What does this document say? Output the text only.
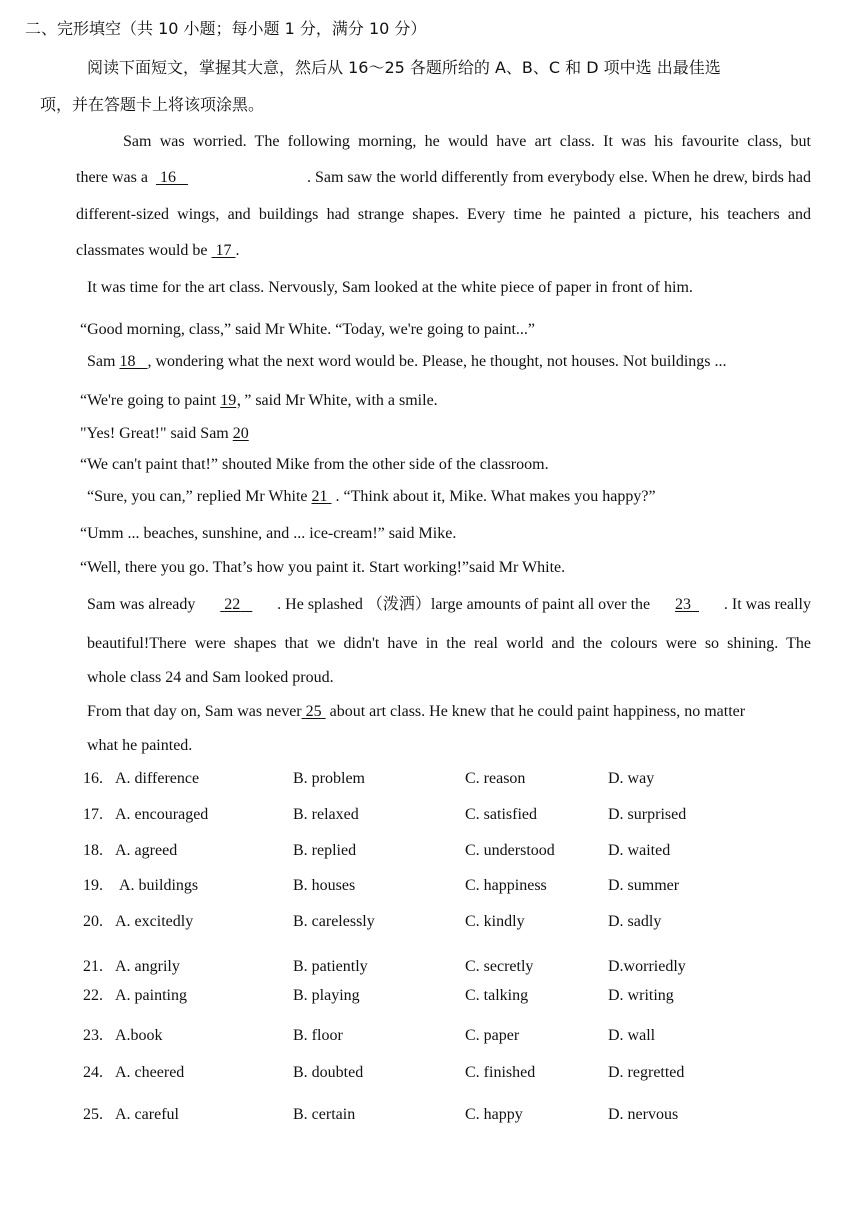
二、完形填空（共 10 小题；每小题 1 分，满分 10 分）
阅读下面短文，掌握其大意，然后从 16～25 各题所给的 A、B、C 和 D 项中选 出最佳选
项，并在答题卡上将该项涂黑。
Sam was worried. The following morning, he would have art class. It was his favourite class, but
there was a 16	. Sam saw the world differently from everybody else. When he drew, birds had
different-sized wings, and buildings had strange shapes. Every time he painted a picture, his teachers and
classmates would be 17 .
It was time for the art class. Nervously, Sam looked at the white piece of paper in front of him.
“Good morning, class,” said Mr White. “Today, we're going to paint...”
Sam 18 , wondering what the next word would be. Please, he thought, not houses. Not buildings ...
“We're going to paint 19，” said Mr White, with a smile.
"Yes! Great!" said Sam 20
“We can't paint that!” shouted Mike from the other side of the classroom.
“Sure, you can,” replied Mr White 21 . “Think about it, Mike. What makes you happy?”
“Umm ... beaches, sunshine, and ... ice-cream!” said Mike.
“Well, there you go. That’s how you paint it. Start working!”said Mr White.
Sam was already 22	. He splashed （泼洒）large amounts of paint all over the 23	. It was really
beautiful!There were shapes that we didn't have in the real world and the colours were so shining. The
whole class 24 and Sam looked proud.
From that day on, Sam was never 25 about art class. He knew that he could paint happiness, no matter
what he painted.
16. A. difference	B. problem	C. reason	D. way
17. A. encouraged	B. relaxed	C. satisfied	D. surprised
18. A. agreed	B. replied	C. understood	D. waited
19. A. buildings	B. houses	C. happiness	D. summer
20. A. excitedly	B. carelessly	C. kindly	D. sadly
21. A. angrily	B. patiently	C. secretly	D.worriedly
22. A. painting	B. playing	C. talking	D. writing
23. A.book	B. floor	C. paper	D. wall
24. A. cheered	B. doubted	C. finished	D. regretted
25. A. careful	B. certain	C. happy	D. nervous
